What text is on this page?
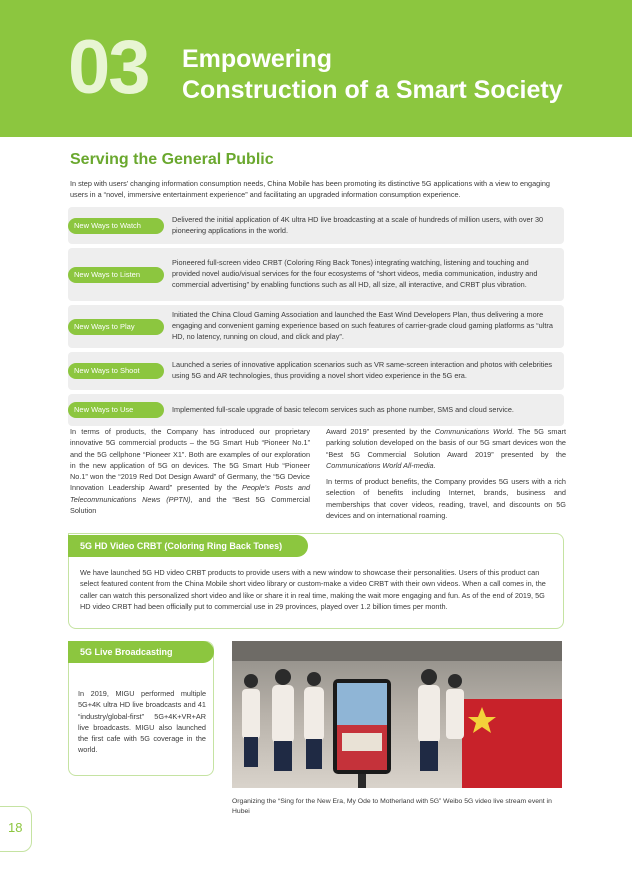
03 Empowering
Construction of a Smart Society
Serving the General Public
In step with users’ changing information consumption needs, China Mobile has been promoting its distinctive 5G applications with a view to engaging users in a “novel, immersive entertainment experience” and facilitating an upgraded information consumption experience.
New Ways to Watch
Delivered the initial application of 4K ultra HD live broadcasting at a scale of hundreds of million users, with over 30 pioneering applications in the world.
New Ways to Listen
Pioneered full-screen video CRBT (Coloring Ring Back Tones) integrating watching, listening and touching and provided novel audio/visual services for the four ecosystems of “short videos, media communication, industry and commercial advertising” by enabling functions such as all HD, all size, all interactive, and CRBT plus vibration.
New Ways to Play
Initiated the China Cloud Gaming Association and launched the East Wind Developers Plan, thus delivering a more engaging and convenient gaming experience based on such features of carrier-grade cloud gaming platforms as “ultra HD, no latency, running on cloud, and click and play”.
New Ways to Shoot
Launched a series of innovative application scenarios such as VR same-screen interaction and photos with celebrities using 5G and AR technologies, thus providing a novel short video experience in the 5G era.
New Ways to Use	Implemented full-scale upgrade of basic telecom services such as phone number, SMS and cloud service.

In terms of products, the Company has introduced our proprietary innovative 5G commercial products – the 5G Smart Hub “Pioneer No.1” and the 5G cellphone “Pioneer X1”. Both are examples of our exploration in the new application of 5G on devices. The 5G Smart Hub “Pioneer No.1” won the “2019 Red Dot Design Award” of Germany, the “5G Device Innovation Leadership Award” presented by the People’s Posts and Telecommunications News (PPTN), and the “Best 5G Commercial Solution

Award 2019” presented by the Communications World. The 5G smart parking solution developed on the basis of our 5G smart devices won the “Best 5G Commercial Solution Award 2019” presented by the Communications World All-media.

In terms of product benefits, the Company provides 5G users with a rich selection of benefits including Internet, brands, business and memberships that cover videos, reading, travel, and discounts on 5G devices and on international roaming.

5G HD Video CRBT (Coloring Ring Back Tones)
We have launched 5G HD video CRBT products to provide users with a new window to showcase their personalities. Users of this product can select featured content from the China Mobile short video library or custom-make a video CRBT with their own videos. When a call comes in, the caller can watch this personalized short video and like or share it in real time, making the wait more engaging and fun. As of the end of 2019, 5G HD video CRBT had been officially put to commercial use in 29 provinces, played over 1.2 billion times per month.
5G Live Broadcasting
In 2019, MIGU performed multiple 5G+4K ultra HD live broadcasts and 41 “industry/global-first” 5G+4K+VR+AR live broadcasts. MIGU also launched the first cafe with 5G coverage in the world.
Organizing the “Sing for the New Era, My Ode to Motherland with 5G” Weibo 5G video live stream event in Hubei
18
